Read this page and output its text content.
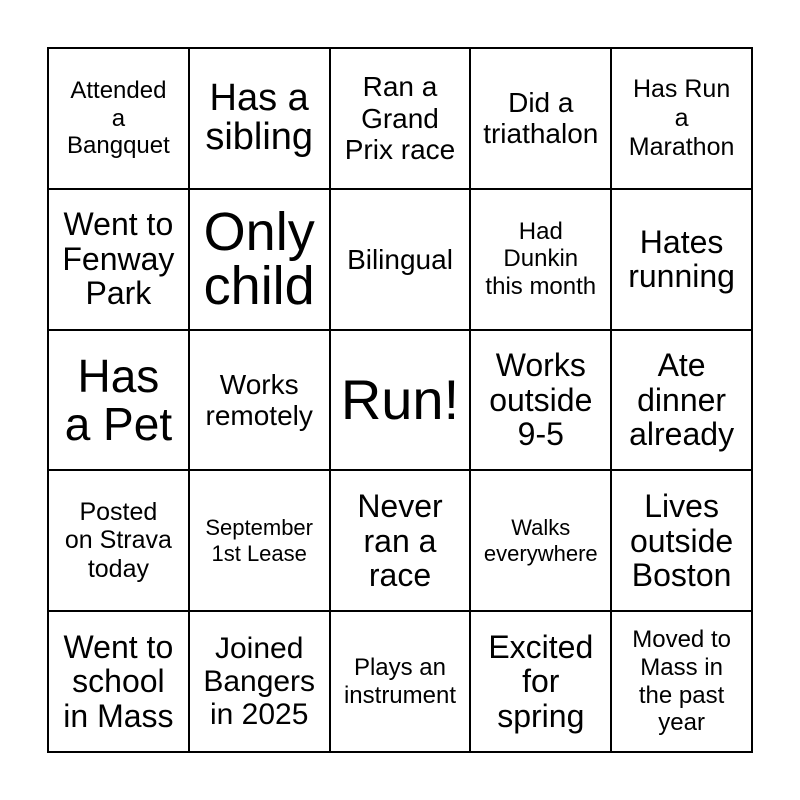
Attended
a
Bangquet
Has a
sibling
Ran a
Grand
Prix race
Did a
triathalon
Has Run
a
Marathon
Went to
Fenway
Park
Only
child	Bilingual
Had
Dunkin
this month
Hates
running
Has
a Pet
Works
remotely Run!
Works
outside
9-5
Ate
dinner
already
Posted
on Strava
today
September
1st Lease
Never
ran a
race
Walks
everywhere
Lives
outside
Boston
Went to
school
in Mass
Joined
Bangers
in 2025
Plays an
instrument
Excited
for
spring
Moved to
Mass in
the past
year
